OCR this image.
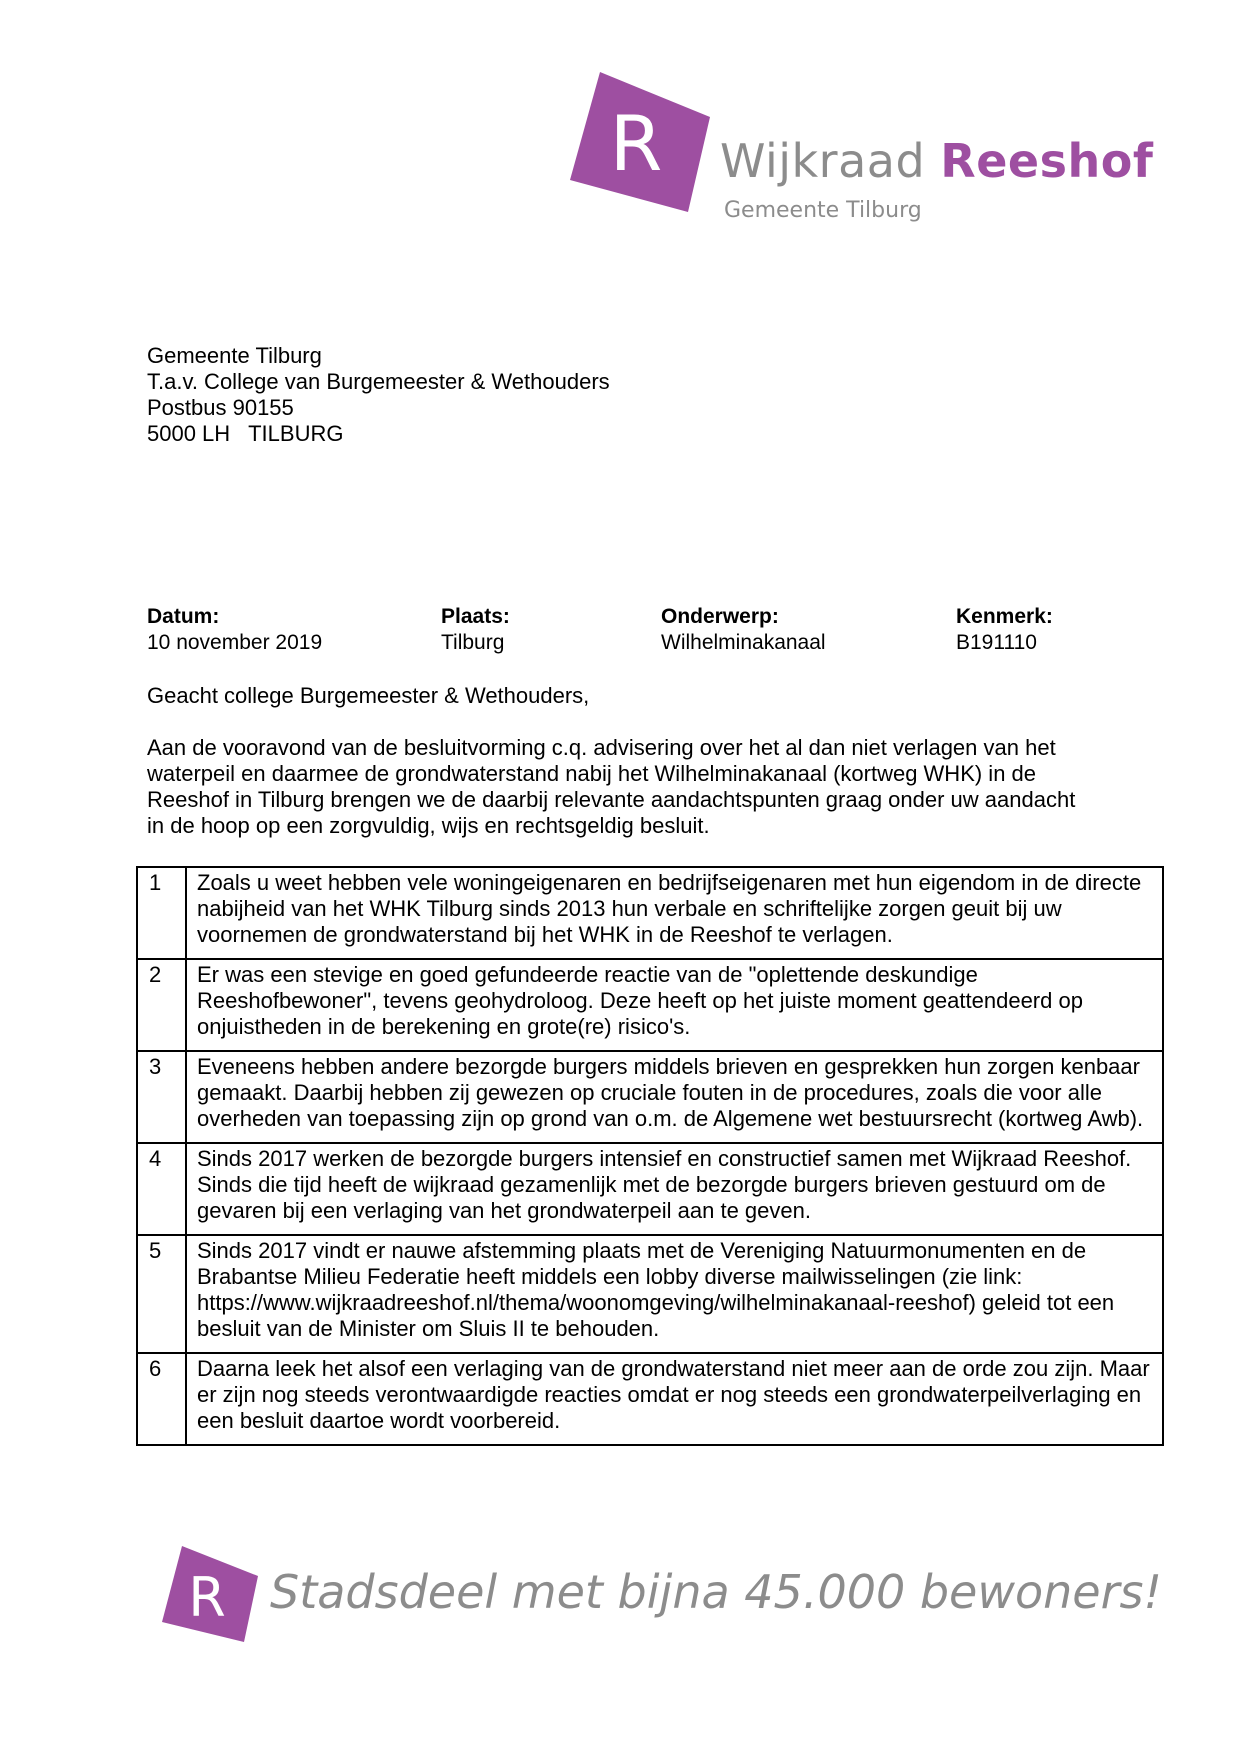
R Wijkraad Reeshof
Gemeente Tilburg
Gemeente Tilburg
T.a.v. College van Burgemeester & Wethouders
Postbus 90155
5000 LH   TILBURG
Datum:
10 november 2019
Plaats:
Tilburg
Onderwerp:
Wilhelminakanaal
Kenmerk:
B191110
Geacht college Burgemeester & Wethouders,
Aan de vooravond van de besluitvorming c.q. advisering over het al dan niet verlagen van het waterpeil en daarmee de grondwaterstand nabij het Wilhelminakanaal (kortweg WHK) in de Reeshof in Tilburg brengen we de daarbij relevante aandachtspunten graag onder uw aandacht in de hoop op een zorgvuldig, wijs en rechtsgeldig besluit.
1	Zoals u weet hebben vele woningeigenaren en bedrijfseigenaren met hun eigendom in de directe nabijheid van het WHK Tilburg sinds 2013 hun verbale en schriftelijke zorgen geuit bij uw voornemen de grondwaterstand bij het WHK in de Reeshof te verlagen.
2	Er was een stevige en goed gefundeerde reactie van de "oplettende deskundige Reeshofbewoner", tevens geohydroloog. Deze heeft op het juiste moment geattendeerd op onjuistheden in de berekening en grote(re) risico's.
3	Eveneens hebben andere bezorgde burgers middels brieven en gesprekken hun zorgen kenbaar gemaakt. Daarbij hebben zij gewezen op cruciale fouten in de procedures, zoals die voor alle overheden van toepassing zijn op grond van o.m. de Algemene wet bestuursrecht (kortweg Awb).
4	Sinds 2017 werken de bezorgde burgers intensief en constructief samen met Wijkraad Reeshof. Sinds die tijd heeft de wijkraad gezamenlijk met de bezorgde burgers brieven gestuurd om de gevaren bij een verlaging van het grondwaterpeil aan te geven.
5	Sinds 2017 vindt er nauwe afstemming plaats met de Vereniging Natuurmonumenten en de Brabantse Milieu Federatie heeft middels een lobby diverse mailwisselingen (zie link: https://www.wijkraadreeshof.nl/thema/woonomgeving/wilhelminakanaal-reeshof) geleid tot een besluit van de Minister om Sluis II te behouden.
6	Daarna leek het alsof een verlaging van de grondwaterstand niet meer aan de orde zou zijn. Maar er zijn nog steeds verontwaardigde reacties omdat er nog steeds een grondwaterpeilverlaging en een besluit daartoe wordt voorbereid.
R Stadsdeel met bijna 45.000 bewoners!
